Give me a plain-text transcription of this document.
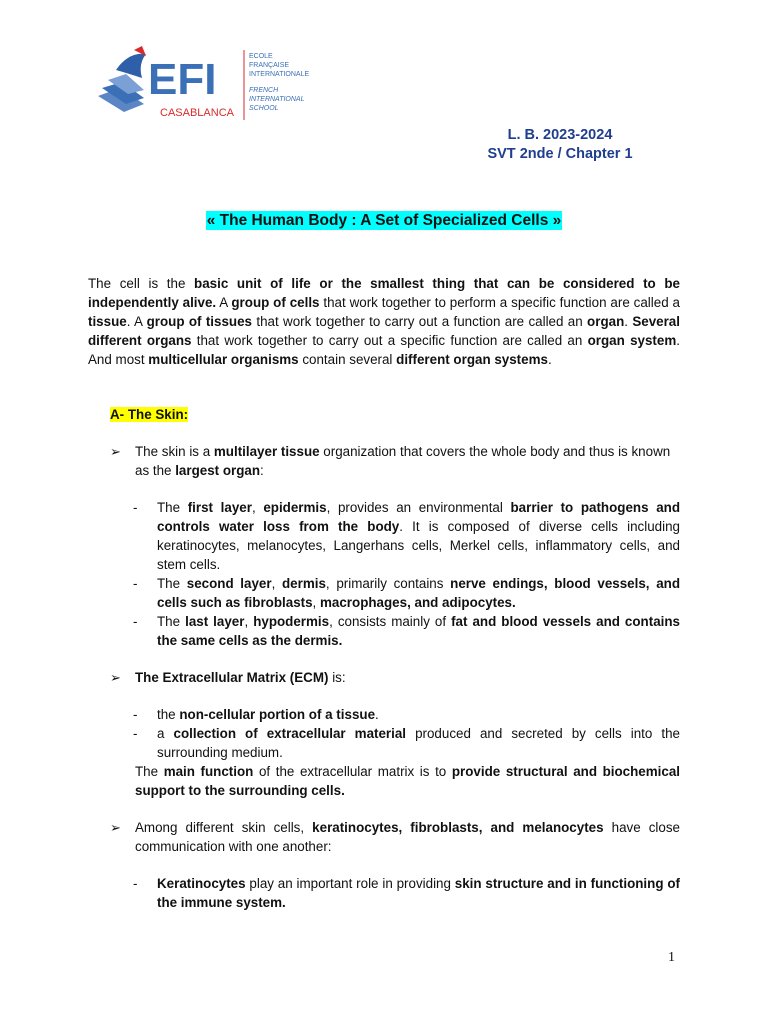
EFI
CASABLANCA
ECOLE
FRANÇAISE
INTERNATIONALE
FRENCH
INTERNATIONAL
SCHOOL
L. B. 2023-2024
SVT 2nde / Chapter 1
« The Human Body : A Set of Specialized Cells »

The cell is the basic unit of life or the smallest thing that can be considered to be independently alive. A group of cells that work together to perform a specific function are called a tissue. A group of tissues that work together to carry out a function are called an organ. Several different organs that work together to carry out a specific function are called an organ system. And most multicellular organisms contain several different organ systems.

A- The Skin:

➢ The skin is a multilayer tissue organization that covers the whole body and thus is known as the largest organ:
- The first layer, epidermis, provides an environmental barrier to pathogens and controls water loss from the body. It is composed of diverse cells including keratinocytes, melanocytes, Langerhans cells, Merkel cells, inflammatory cells, and stem cells.
- The second layer, dermis, primarily contains nerve endings, blood vessels, and cells such as fibroblasts, macrophages, and adipocytes.
- The last layer, hypodermis, consists mainly of fat and blood vessels and contains the same cells as the dermis.
➢ The Extracellular Matrix (ECM) is:
- the non-cellular portion of a tissue.
- a collection of extracellular material produced and secreted by cells into the surrounding medium.

The main function of the extracellular matrix is to provide structural and biochemical support to the surrounding cells.

➢ Among different skin cells, keratinocytes, fibroblasts, and melanocytes have close communication with one another:
- Keratinocytes play an important role in providing skin structure and in functioning of the immune system.
1
